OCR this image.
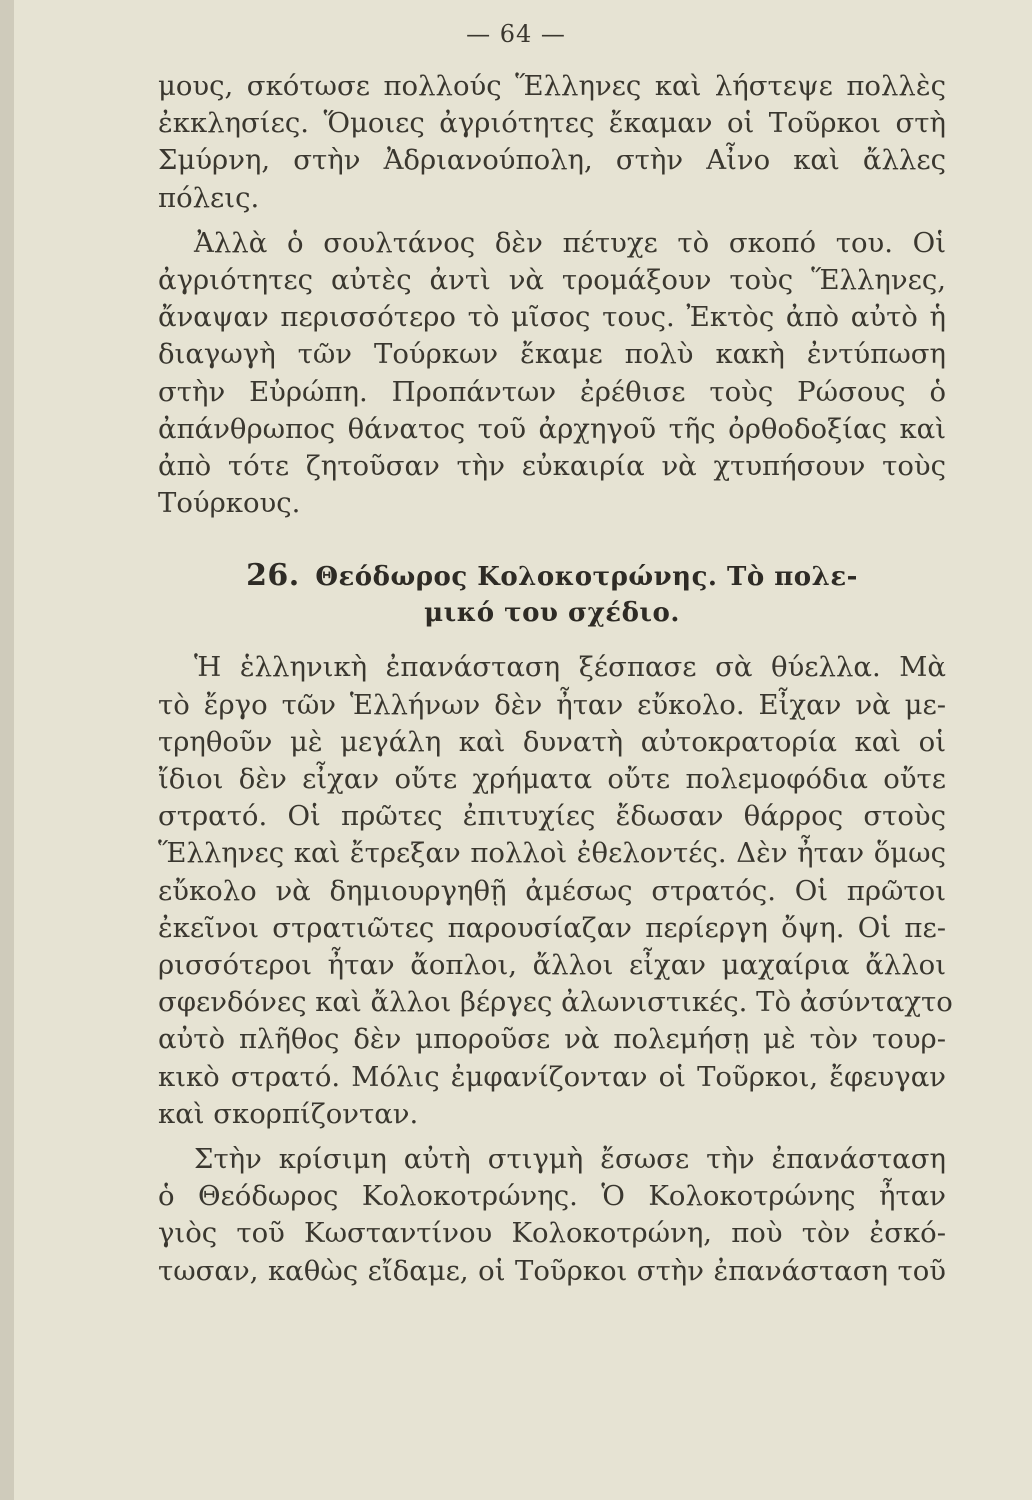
— 64 —

μους, σκότωσε πολλούς Ἕλληνες καὶ λήστεψε πολλὲς
ἐκκλησίες. Ὅμοιες ἀγριότητες ἔκαμαν οἱ Τοῦρκοι στὴ
Σμύρνη, στὴν Ἀδριανούπολη, στὴν Αἶνο καὶ ἄλλες
πόλεις.

Ἀλλὰ ὁ σουλτάνος δὲν πέτυχε τὸ σκοπό του. Οἱ
ἀγριότητες αὐτὲς ἀντὶ νὰ τρομάξουν τοὺς Ἕλληνες,
ἄναψαν περισσότερο τὸ μῖσος τους. Ἐκτὸς ἀπὸ αὐτὸ ἡ
διαγωγὴ τῶν Τούρκων ἔκαμε πολὺ κακὴ ἐντύπωση
στὴν Εὐρώπη. Προπάντων ἐρέθισε τοὺς Ρώσους ὁ
ἀπάνθρωπος θάνατος τοῦ ἀρχηγοῦ τῆς ὀρθοδοξίας καὶ
ἀπὸ τότε ζητοῦσαν τὴν εὐκαιρία νὰ χτυπήσουν τοὺς
Τούρκους.

26. Θεόδωρος Κολοκοτρώνης. Τὸ πολε-
μικό του σχέδιο.

Ἡ ἑλληνικὴ ἐπανάσταση ξέσπασε σὰ θύελλα. Μὰ
τὸ ἔργο τῶν Ἑλλήνων δὲν ἦταν εὔκολο. Εἶχαν νὰ με-
τρηθοῦν μὲ μεγάλη καὶ δυνατὴ αὐτοκρατορία καὶ οἱ
ἴδιοι δὲν εἶχαν οὔτε χρήματα οὔτε πολεμοφόδια οὔτε
στρατό. Οἱ πρῶτες ἐπιτυχίες ἔδωσαν θάρρος στοὺς
Ἕλληνες καὶ ἔτρεξαν πολλοὶ ἐθελοντές. Δὲν ἦταν ὅμως
εὔκολο νὰ δημιουργηθῇ ἀμέσως στρατός. Οἱ πρῶτοι
ἐκεῖνοι στρατιῶτες παρουσίαζαν περίεργη ὄψη. Οἱ πε-
ρισσότεροι ἦταν ἄοπλοι, ἄλλοι εἶχαν μαχαίρια ἄλλοι
σφενδόνες καὶ ἄλλοι βέργες ἀλωνιστικές. Τὸ ἀσύνταχτο
αὐτὸ πλῆθος δὲν μποροῦσε νὰ πολεμήσῃ μὲ τὸν τουρ-
κικὸ στρατό. Μόλις ἐμφανίζονταν οἱ Τοῦρκοι, ἔφευγαν
καὶ σκορπίζονταν.

Στὴν κρίσιμη αὐτὴ στιγμὴ ἔσωσε τὴν ἐπανάσταση
ὁ Θεόδωρος Κολοκοτρώνης. Ὁ Κολοκοτρώνης ἦταν
γιὸς τοῦ Κωσταντίνου Κολοκοτρώνη, ποὺ τὸν ἐσκό-
τωσαν, καθὼς εἴδαμε, οἱ Τοῦρκοι στὴν ἐπανάσταση τοῦ
